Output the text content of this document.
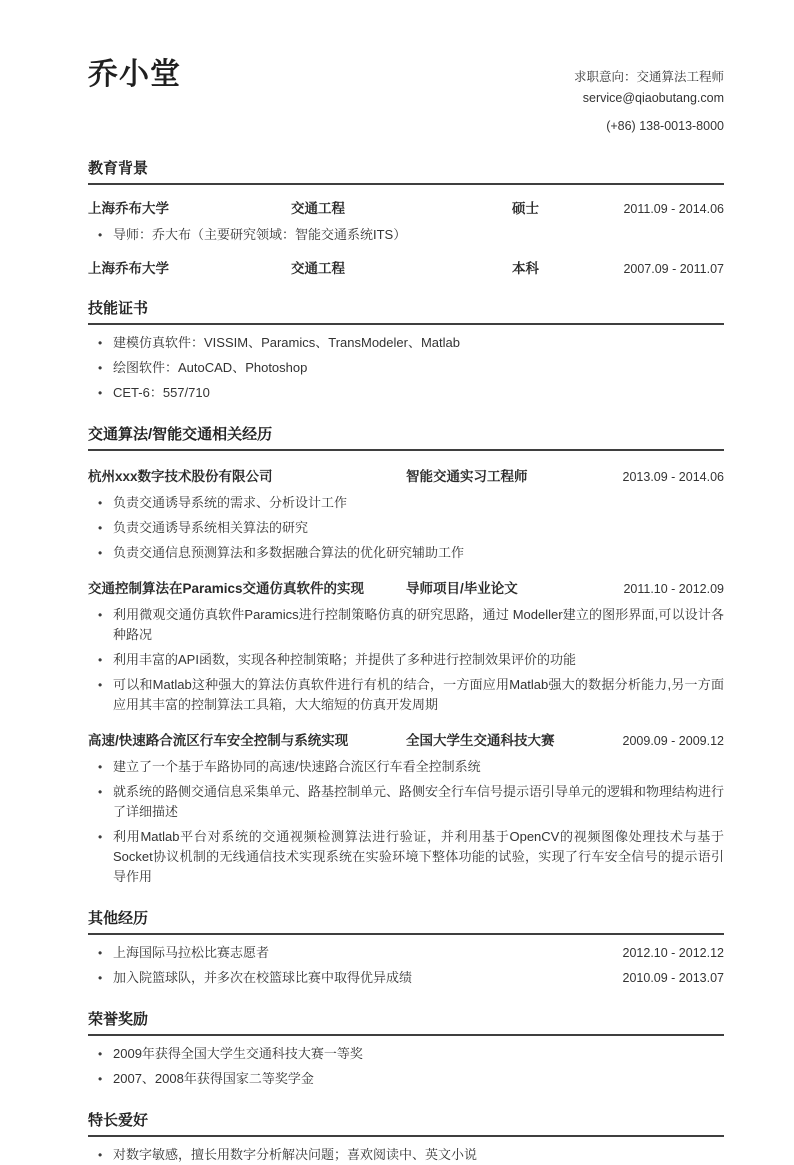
乔小堂	求职意向：交通算法工程师
service@qiaobutang.com
(+86) 138-0013-8000
教育背景
上海乔布大学	交通工程	硕士	2011.09 - 2014.06
• 导师：乔大布（主要研究领域：智能交通系统ITS）
上海乔布大学	交通工程	本科	2007.09 - 2011.07
技能证书
• 建模仿真软件：VISSIM、Paramics、TransModeler、Matlab
• 绘图软件：AutoCAD、Photoshop
• CET-6：557/710
交通算法/智能交通相关经历
杭州xxx数字技术股份有限公司	智能交通实习工程师	2013.09 - 2014.06
• 负责交通诱导系统的需求、分析设计工作
• 负责交通诱导系统相关算法的研究
• 负责交通信息预测算法和多数据融合算法的优化研究辅助工作
交通控制算法在Paramics交通仿真软件的实现	导师项目/毕业论文	2011.10 - 2012.09
• 利用微观交通仿真软件Paramics进行控制策略仿真的研究思路，通过 Modeller建立的图形界面,可以设计各种路况
• 利用丰富的API函数，实现各种控制策略；并提供了多种进行控制效果评价的功能
• 可以和Matlab这种强大的算法仿真软件进行有机的结合，一方面应用Matlab强大的数据分析能力,另一方面应用其丰富的控制算法工具箱，大大缩短的仿真开发周期
高速/快速路合流区行车安全控制与系统实现	全国大学生交通科技大赛	2009.09 - 2009.12
• 建立了一个基于车路协同的高速/快速路合流区行车看全控制系统
• 就系统的路侧交通信息采集单元、路基控制单元、路侧安全行车信号提示语引导单元的逻辑和物理结构进行了详细描述
• 利用Matlab平台对系统的交通视频检测算法进行验证，并利用基于OpenCV的视频图像处理技术与基于Socket协议机制的无线通信技术实现系统在实验环境下整体功能的试验，实现了行车安全信号的提示语引导作用
其他经历
• 上海国际马拉松比赛志愿者	2012.10 - 2012.12
• 加入院篮球队，并多次在校篮球比赛中取得优异成绩	2010.09 - 2013.07
荣誉奖励
• 2009年获得全国大学生交通科技大赛一等奖
• 2007、2008年获得国家二等奖学金
特长爱好
• 对数字敏感，擅长用数字分析解决问题；喜欢阅读中、英文小说
